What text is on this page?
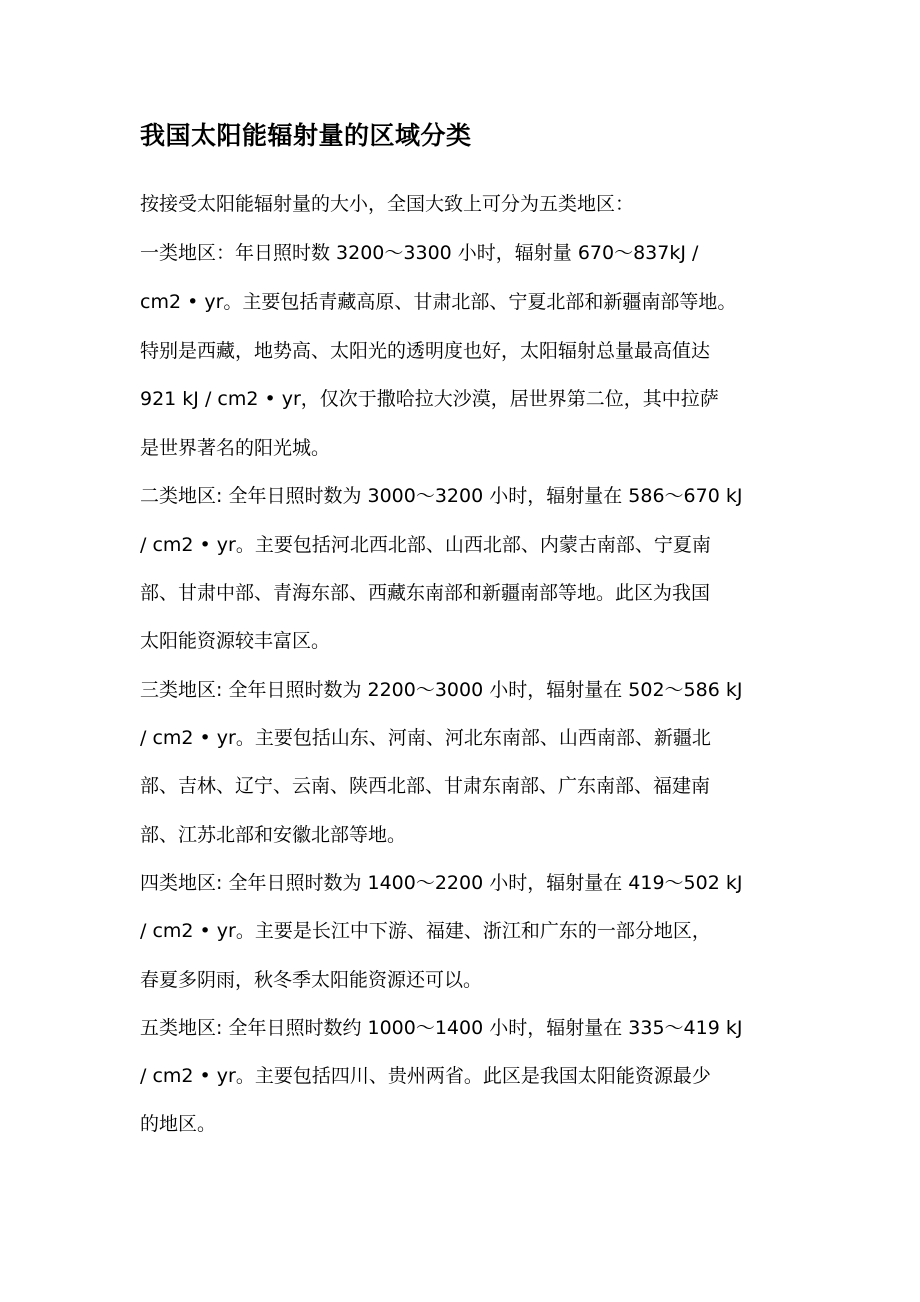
我国太阳能辐射量的区域分类
按接受太阳能辐射量的大小，全国大致上可分为五类地区：
一类地区：年日照时数 3200～3300 小时，辐射量 670～837kJ /
cm2 • yr。主要包括青藏高原、甘肃北部、宁夏北部和新疆南部等地。
特别是西藏，地势高、太阳光的透明度也好，太阳辐射总量最高值达
921 kJ / cm2 • yr，仅次于撒哈拉大沙漠，居世界第二位，其中拉萨
是世界著名的阳光城。
二类地区: 全年日照时数为 3000～3200 小时，辐射量在 586～670 kJ
/ cm2 • yr。主要包括河北西北部、山西北部、内蒙古南部、宁夏南
部、甘肃中部、青海东部、西藏东南部和新疆南部等地。此区为我国
太阳能资源较丰富区。
三类地区: 全年日照时数为 2200～3000 小时，辐射量在 502～586 kJ
/ cm2 • yr。主要包括山东、河南、河北东南部、山西南部、新疆北
部、吉林、辽宁、云南、陕西北部、甘肃东南部、广东南部、福建南
部、江苏北部和安徽北部等地。
四类地区: 全年日照时数为 1400～2200 小时，辐射量在 419～502 kJ
/ cm2 • yr。主要是长江中下游、福建、浙江和广东的一部分地区，
春夏多阴雨，秋冬季太阳能资源还可以。
五类地区: 全年日照时数约 1000～1400 小时，辐射量在 335～419 kJ
/ cm2 • yr。主要包括四川、贵州两省。此区是我国太阳能资源最少
的地区。
